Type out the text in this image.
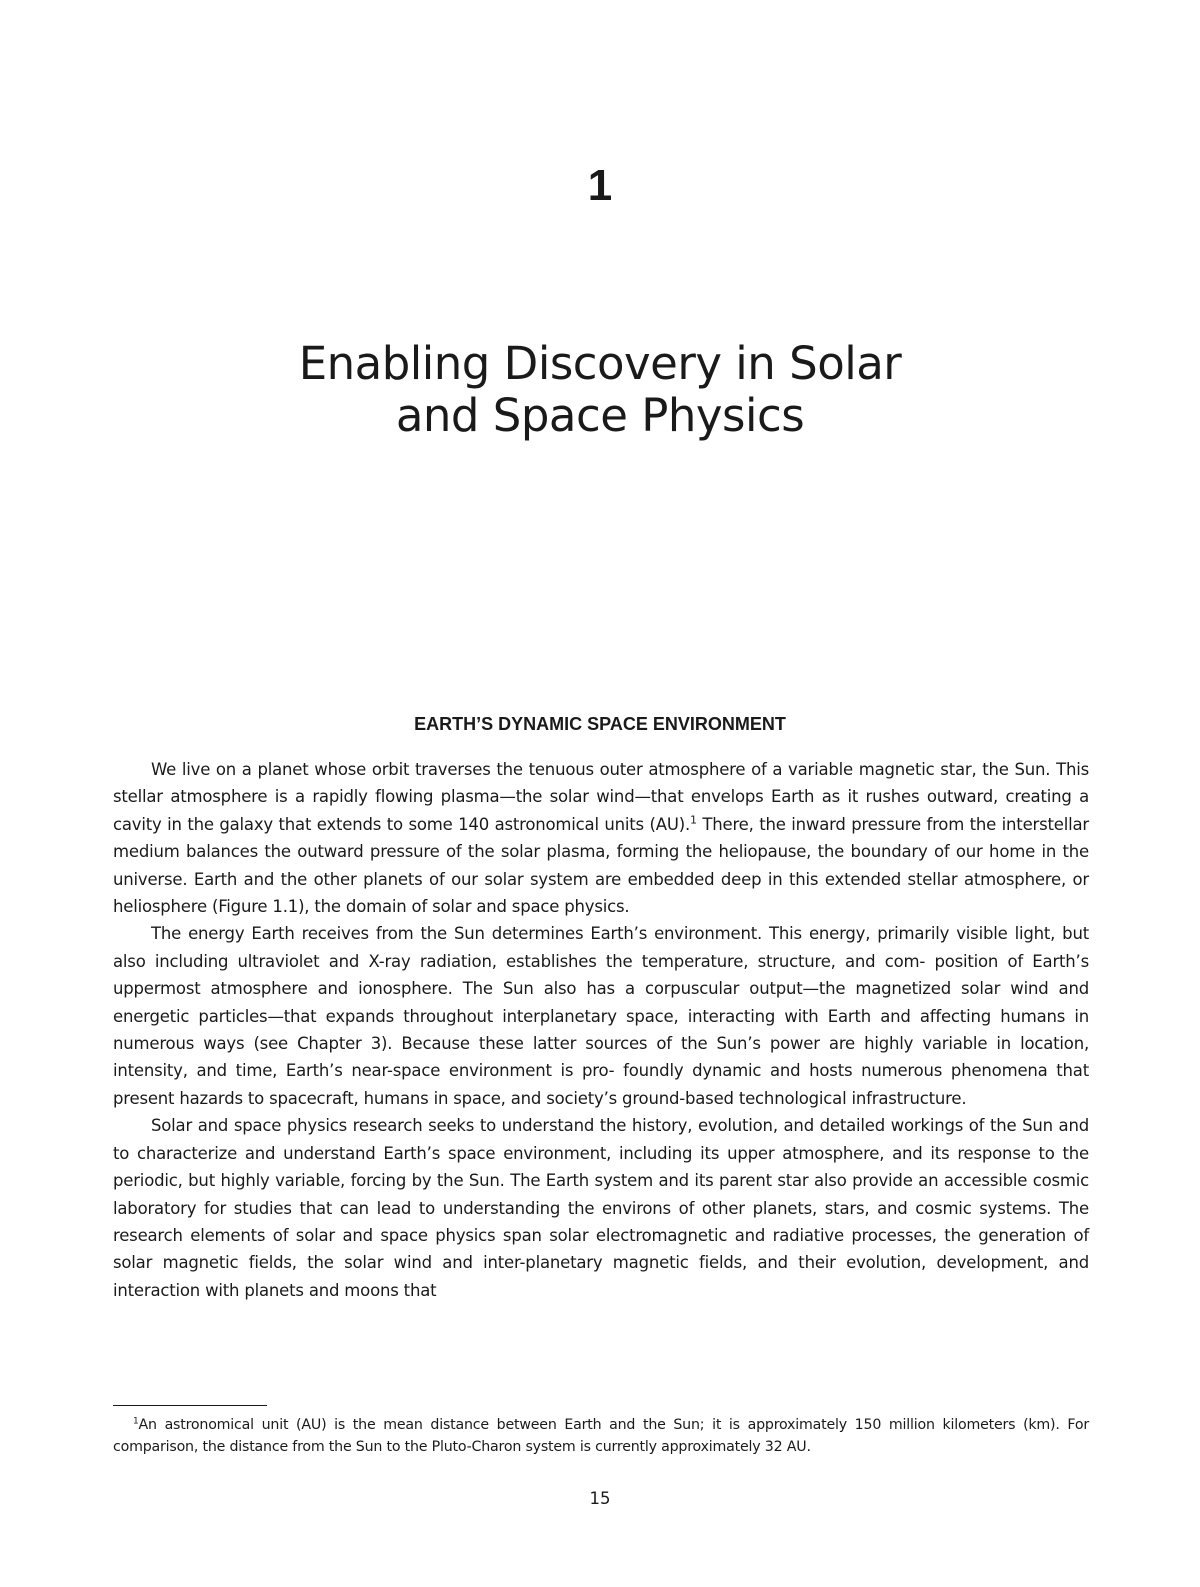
1
Enabling Discovery in Solar
and Space Physics
EARTH’S DYNAMIC SPACE ENVIRONMENT

We live on a planet whose orbit traverses the tenuous outer atmosphere of a variable magnetic star, the Sun. This stellar atmosphere is a rapidly flowing plasma—the solar wind—that envelops Earth as it rushes outward, creating a cavity in the galaxy that extends to some 140 astronomical units (AU).$^1$ There, the inward pressure from the interstellar medium balances the outward pressure of the solar plasma, forming the heliopause, the boundary of our home in the universe. Earth and the other planets of our solar system are embedded deep in this extended stellar atmosphere, or heliosphere (Figure 1.1), the domain of solar and space physics.

The energy Earth receives from the Sun determines Earth’s environment. This energy, primarily visible light, but also including ultraviolet and X-ray radiation, establishes the temperature, structure, and com- position of Earth’s uppermost atmosphere and ionosphere. The Sun also has a corpuscular output—the magnetized solar wind and energetic particles—that expands throughout interplanetary space, interacting with Earth and affecting humans in numerous ways (see Chapter 3). Because these latter sources of the Sun’s power are highly variable in location, intensity, and time, Earth’s near-space environment is pro- foundly dynamic and hosts numerous phenomena that present hazards to spacecraft, humans in space, and society’s ground-based technological infrastructure.

Solar and space physics research seeks to understand the history, evolution, and detailed workings of the Sun and to characterize and understand Earth’s space environment, including its upper atmosphere, and its response to the periodic, but highly variable, forcing by the Sun. The Earth system and its parent star also provide an accessible cosmic laboratory for studies that can lead to understanding the environs of other planets, stars, and cosmic systems. The research elements of solar and space physics span solar electromagnetic and radiative processes, the generation of solar magnetic fields, the solar wind and inter-planetary magnetic fields, and their evolution, development, and interaction with planets and moons that

$^1$An astronomical unit (AU) is the mean distance between Earth and the Sun; it is approximately 150 million kilometers (km). For comparison, the distance from the Sun to the Pluto-Charon system is currently approximately 32 AU.

15
